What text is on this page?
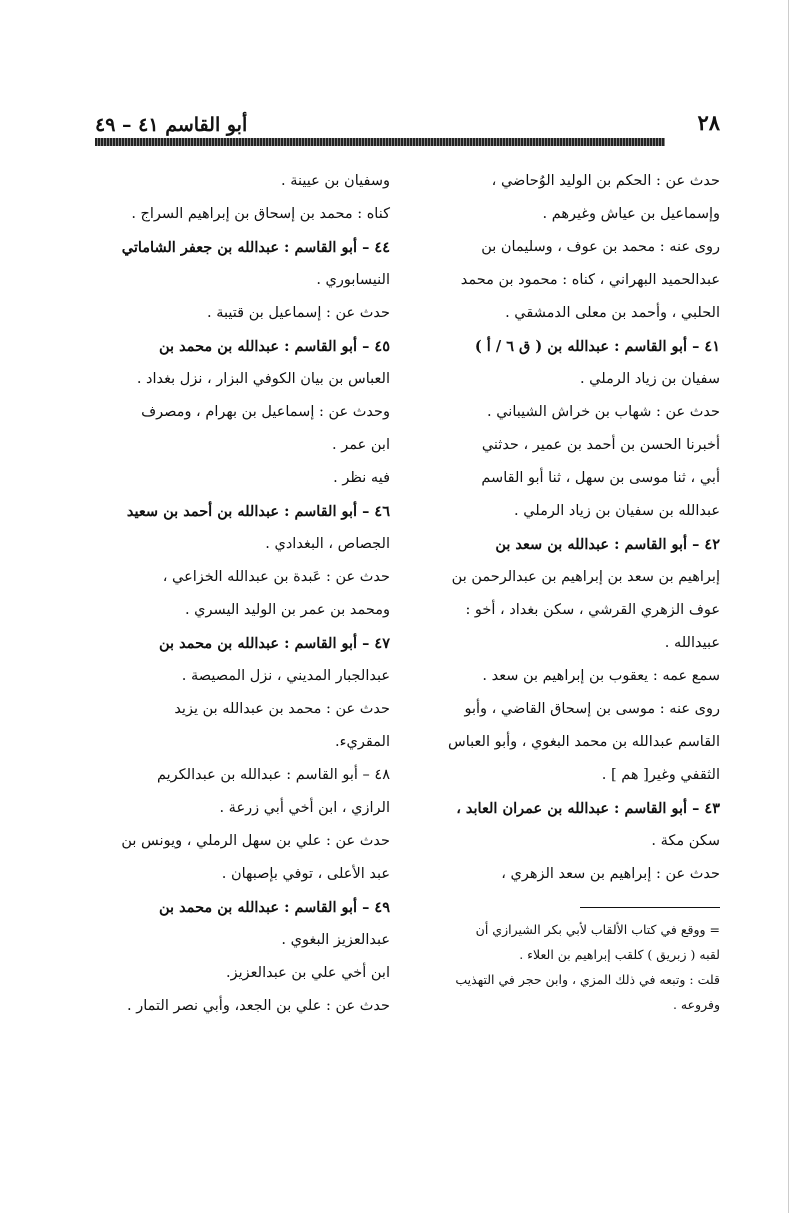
أبو القاسم ٤١ – ٤٩	٢٨

حدث عن : الحكم بن الوليد الوُحاضي ،

وإسماعيل بن عياش وغيرهم .

روى عنه : محمد بن عوف ، وسليمان بن

عبدالحميد البهراني ، كناه : محمود بن محمد

الحلبي ، وأحمد بن معلى الدمشقي .

٤١ – أبو القاسم : عبدالله بن ( ق ٦ / أ )

سفيان بن زياد الرملي .

حدث عن : شهاب بن خراش الشيباني .

أخبرنا الحسن بن أحمد بن عمير ، حدثني

أبي ، ثنا موسى بن سهل ، ثنا أبو القاسم

عبدالله بن سفيان بن زياد الرملي .

٤٢ – أبو القاسم : عبدالله بن سعد بن

إبراهيم بن سعد بن إبراهيم بن عبدالرحمن بن

عوف الزهري القرشي ، سكن بغداد ، أخو :

عبيدالله .

سمع عمه : يعقوب بن إبراهيم بن سعد .

روى عنه : موسى بن إسحاق القاضي ، وأبو

القاسم عبدالله بن محمد البغوي ، وأبو العباس

الثقفي وغير[ هم ] .

٤٣ – أبو القاسم : عبدالله بن عمران العابد ،

سكن مكة .

حدث عن : إبراهيم بن سعد الزهري ،

وسفيان بن عيينة .

كناه : محمد بن إسحاق بن إبراهيم السراج .

٤٤ – أبو القاسم : عبدالله بن جعفر الشاماتي

النيسابوري .

حدث عن : إسماعيل بن قتيبة .

٤٥ – أبو القاسم : عبدالله بن محمد بن

العباس بن بيان الكوفي البزار ، نزل بغداد .

وحدث عن : إسماعيل بن بهرام ، ومصرف

ابن عمر .

فيه نظر .

٤٦ – أبو القاسم : عبدالله بن أحمد بن سعيد

الجصاص ، البغدادي .

حدث عن : عَبدة بن عبدالله الخزاعي ،

ومحمد بن عمر بن الوليد اليسري .

٤٧ – أبو القاسم : عبدالله بن محمد بن

عبدالجبار المديني ، نزل المصيصة .

حدث عن : محمد بن عبدالله بن يزيد

المقريء.

٤٨ – أبو القاسم : عبدالله بن عبدالكريم

الرازي ، ابن أخي أبي زرعة .

حدث عن : علي بن سهل الرملي ، ويونس بن

عبد الأعلى ، توفي بإصبهان .

٤٩ – أبو القاسم : عبدالله بن محمد بن

عبدالعزيز البغوي .

ابن أخي علي بن عبدالعزيز.

حدث عن : علي بن الجعد، وأبي نصر التمار .

= ووقع في كتاب الألقاب لأبي بكر الشيرازي أن

لقبه ( زبريق ) كلقب إبراهيم بن العلاء .

قلت : وتبعه في ذلك المزي ، وابن حجر في التهذيب

وفروعه .
